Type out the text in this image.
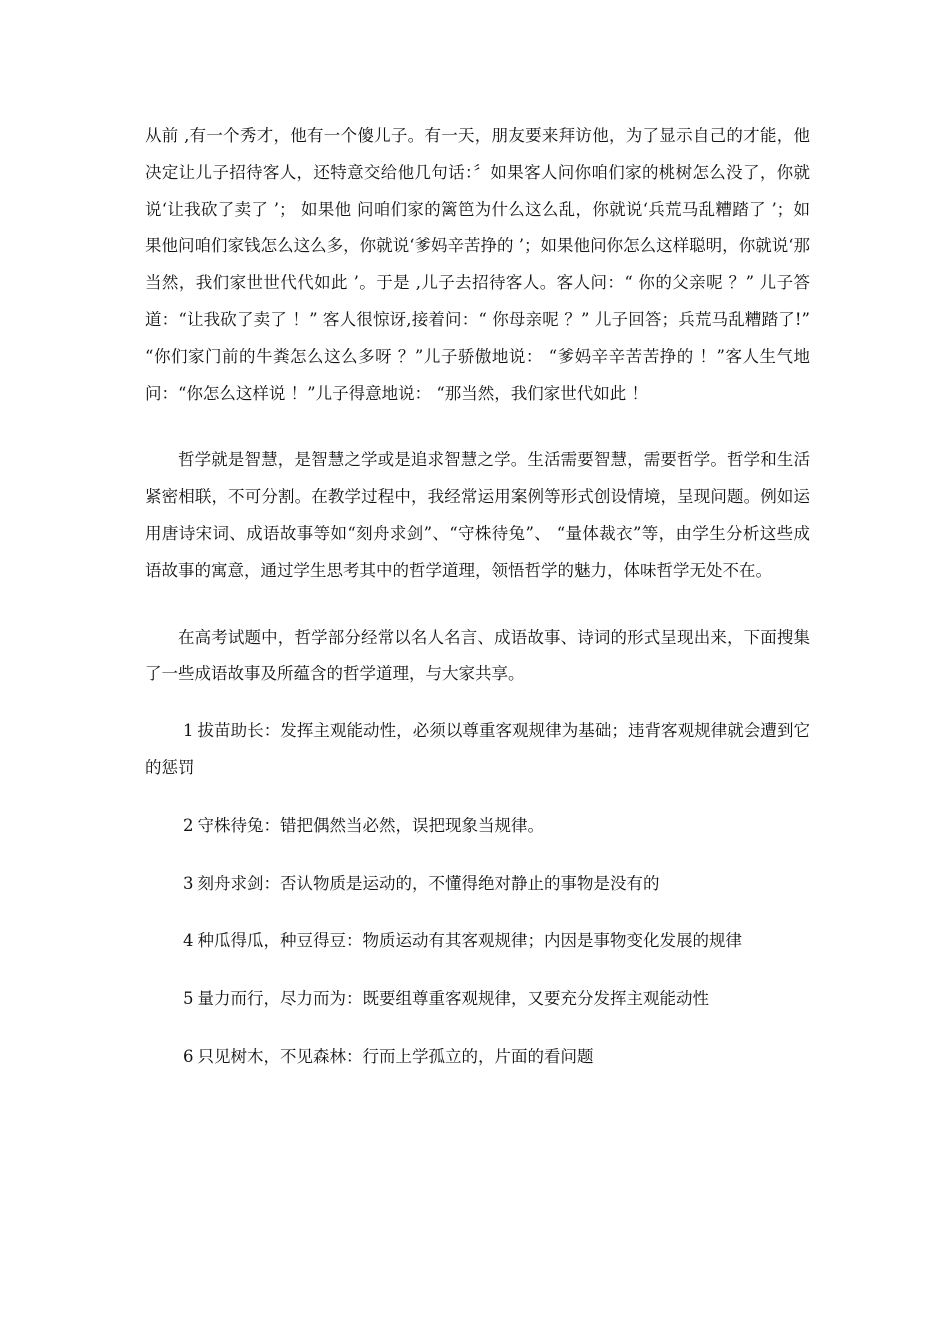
从前 ,有一个秀才，他有一个傻儿子。有一天，朋友要来拜访他，为了显示自己的才能，他决定让儿子招待客人，还特意交给他几句话：〞如果客人问你咱们家的桃树怎么没了，你就说‘让我砍了卖了 ’； 如果他 问咱们家的篱笆为什么这么乱，你就说‘兵荒马乱糟踏了 ’；如果他问咱们家钱怎么这么多，你就说‘爹妈辛苦挣的 ’；如果他问你怎么这样聪明，你就说‘那当然，我们家世世代代如此 ’。于是 ,儿子去招待客人。客人问：“ 你的父亲呢 ？” 儿子答道：“让我砍了卖了 ！” 客人很惊讶,接着问：“ 你母亲呢 ？” 儿子回答；兵荒马乱糟踏了!” “你们家门前的牛粪怎么这么多呀 ？”儿子骄傲地说： “爹妈辛辛苦苦挣的 ！”客人生气地问：“你怎么这样说 ！”儿子得意地说： “那当然，我们家世代如此 ！

哲学就是智慧，是智慧之学或是追求智慧之学。生活需要智慧，需要哲学。哲学和生活紧密相联，不可分割。在教学过程中，我经常运用案例等形式创设情境，呈现问题。例如运用唐诗宋词、成语故事等如“刻舟求剑”、“守株待兔”、 “量体裁衣”等，由学生分析这些成语故事的寓意，通过学生思考其中的哲学道理，领悟哲学的魅力，体味哲学无处不在。

在高考试题中，哲学部分经常以名人名言、成语故事、诗词的形式呈现出来，下面搜集了一些成语故事及所蕴含的哲学道理，与大家共享。

1 拔苗助长：发挥主观能动性，必须以尊重客观规律为基础；违背客观规律就会遭到它的惩罚

2 守株待兔：错把偶然当必然，误把现象当规律。

3 刻舟求剑：否认物质是运动的，不懂得绝对静止的事物是没有的

4 种瓜得瓜，种豆得豆：物质运动有其客观规律；内因是事物变化发展的规律

5 量力而行，尽力而为：既要组尊重客观规律，又要充分发挥主观能动性

6 只见树木，不见森林：行而上学孤立的，片面的看问题
